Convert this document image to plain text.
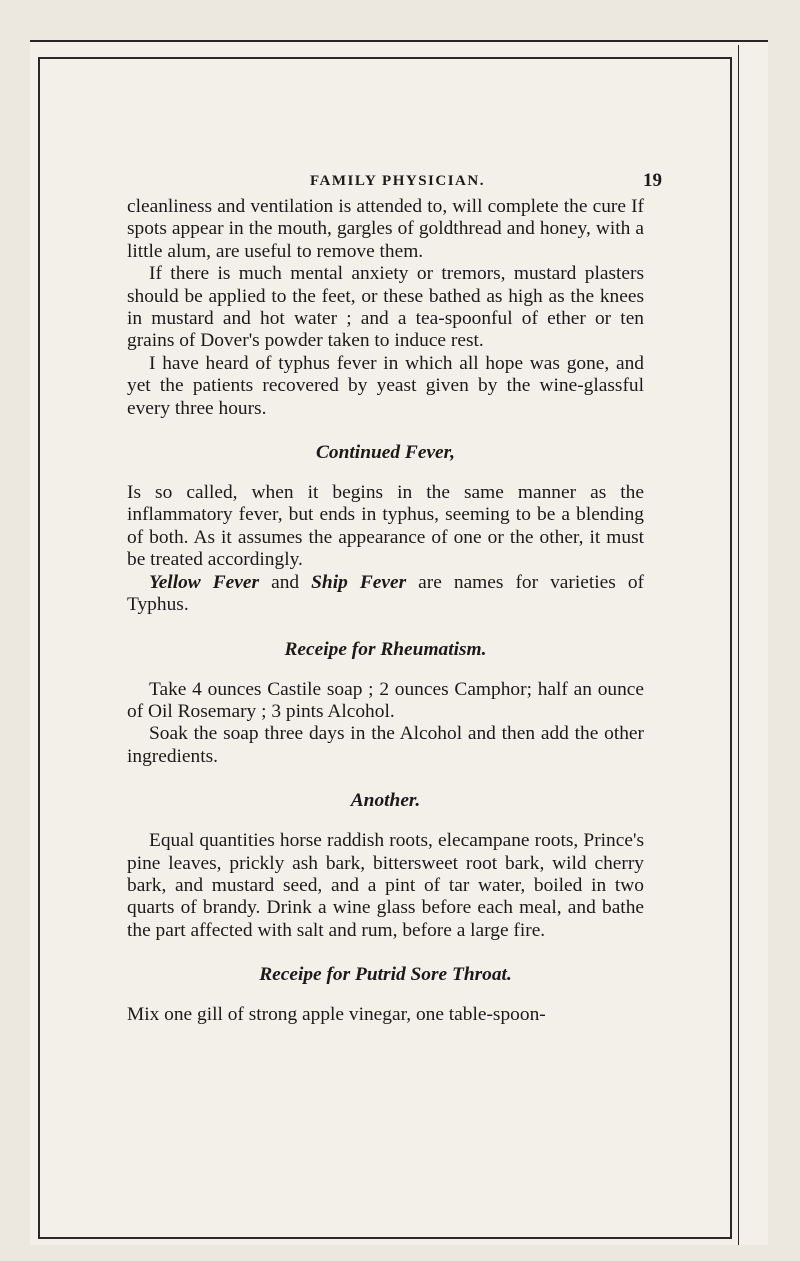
FAMILY PHYSICIAN.	19

cleanliness and ventilation is attended to, will complete the cure If spots appear in the mouth, gargles of goldthread and honey, with a little alum, are useful to remove them.

If there is much mental anxiety or tremors, mustard plasters should be applied to the feet, or these bathed as high as the knees in mustard and hot water ; and a tea-spoonful of ether or ten grains of Dover's powder taken to induce rest.

I have heard of typhus fever in which all hope was gone, and yet the patients recovered by yeast given by the wine-glassful every three hours.

Continued Fever,

Is so called, when it begins in the same manner as the inflammatory fever, but ends in typhus, seeming to be a blending of both. As it assumes the appearance of one or the other, it must be treated accordingly.

Yellow Fever and Ship Fever are names for varieties of Typhus.

Receipe for Rheumatism.

Take 4 ounces Castile soap ; 2 ounces Camphor; half an ounce of Oil Rosemary ; 3 pints Alcohol.

Soak the soap three days in the Alcohol and then add the other ingredients.

Another.

Equal quantities horse raddish roots, elecampane roots, Prince's pine leaves, prickly ash bark, bittersweet root bark, wild cherry bark, and mustard seed, and a pint of tar water, boiled in two quarts of brandy. Drink a wine glass before each meal, and bathe the part affected with salt and rum, before a large fire.

Receipe for Putrid Sore Throat.

Mix one gill of strong apple vinegar, one table-spoon-
